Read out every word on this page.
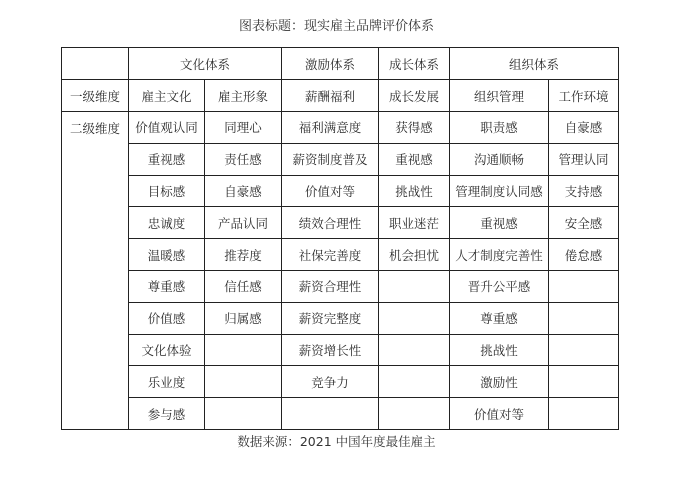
图表标题：现实雇主品牌评价体系
	文化体系		激励体系	成长体系	组织体系	
一级维度	雇主文化	雇主形象	薪酬福利	成长发展	组织管理	工作环境
二级维度	价值观认同	同理心	福利满意度	获得感	职责感	自豪感
	重视感	责任感	薪资制度普及	重视感	沟通顺畅	管理认同
	目标感	自豪感	价值对等	挑战性	管理制度认同感	支持感
	忠诚度	产品认同	绩效合理性	职业迷茫	重视感	安全感
	温暖感	推荐度	社保完善度	机会担忧	人才制度完善性	倦怠感
	尊重感	信任感	薪资合理性		晋升公平感	
	价值感	归属感	薪资完整度		尊重感	
	文化体验		薪资增长性		挑战性	
	乐业度		竞争力		激励性	
	参与感				价值对等	
数据来源：2021 中国年度最佳雇主
